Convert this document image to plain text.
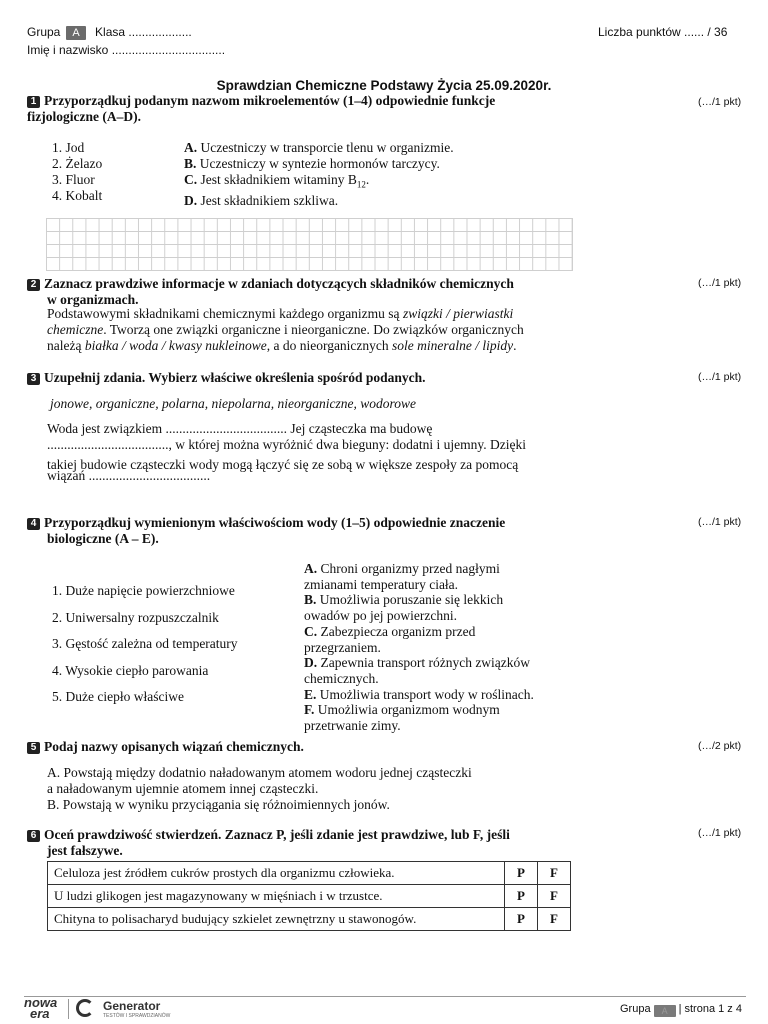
Grupa A Klasa ...................
Imię i nazwisko ..................................
Liczba punktów ...... / 36
Sprawdzian Chemiczne Podstawy Życia 25.09.2020r.
1 Przyporządkuj podanym nazwom mikroelementów (1–4) odpowiednie funkcje
fizjologiczne (A–D).
(…/1 pkt)
1. Jod
2. Żelazo
3. Fluor
4. Kobalt
A. Uczestniczy w transporcie tlenu w organizmie.
B. Uczestniczy w syntezie hormonów tarczycy.
C. Jest składnikiem witaminy $B_{12}$.
D. Jest składnikiem szkliwa.
2 Zaznacz prawdziwe informacje w zdaniach dotyczących składników chemicznych
w organizmach.
(…/1 pkt)
Podstawowymi składnikami chemicznymi każdego organizmu są związki / pierwiastki
chemiczne. Tworzą one związki organiczne i nieorganiczne. Do związków organicznych
należą białka / woda / kwasy nukleinowe, a do nieorganicznych sole mineralne / lipidy.
3 Uzupełnij zdania. Wybierz właściwe określenia spośród podanych.	(…/1 pkt)
jonowe, organiczne, polarna, niepolarna, nieorganiczne, wodorowe
Woda jest związkiem .................................... Jej cząsteczka ma budowę
...................................., w której można wyróżnić dwa bieguny: dodatni i ujemny. Dzięki
takiej budowie cząsteczki wody mogą łączyć się ze sobą w większe zespoły za pomocą
wiązań ....................................
4 Przyporządkuj wymienionym właściwościom wody (1–5) odpowiednie znaczenie
biologiczne (A – E).
(…/1 pkt)
1. Duże napięcie powierzchniowe
2. Uniwersalny rozpuszczalnik
3. Gęstość zależna od temperatury
4. Wysokie ciepło parowania
5. Duże ciepło właściwe
A. Chroni organizmy przed nagłymi
zmianami temperatury ciała.
B. Umożliwia poruszanie się lekkich
owadów po jej powierzchni.
C. Zabezpiecza organizm przed
przegrzaniem.
D. Zapewnia transport różnych związków
chemicznych.
E. Umożliwia transport wody w roślinach.
F. Umożliwia organizmom wodnym
przetrwanie zimy.
5 Podaj nazwy opisanych wiązań chemicznych.	(…/2 pkt)
A. Powstają między dodatnio naładowanym atomem wodoru jednej cząsteczki
a naładowanym ujemnie atomem innej cząsteczki.
B. Powstają w wyniku przyciągania się różnoimiennych jonów.
6 Oceń prawdziwość stwierdzeń. Zaznacz P, jeśli zdanie jest prawdziwe, lub F, jeśli
jest fałszywe.
(…/1 pkt)
Celuloza jest źródłem cukrów prostych dla organizmu człowieka.	P	F
U ludzi glikogen jest magazynowany w mięśniach i w trzustce.	P	F
Chityna to polisacharyd budujący szkielet zewnętrzny u stawonogów.	P	F
nowa
era	Generator
TESTÓW I SPRAWDZIANÓW
Grupa	A	| strona 1 z 4
